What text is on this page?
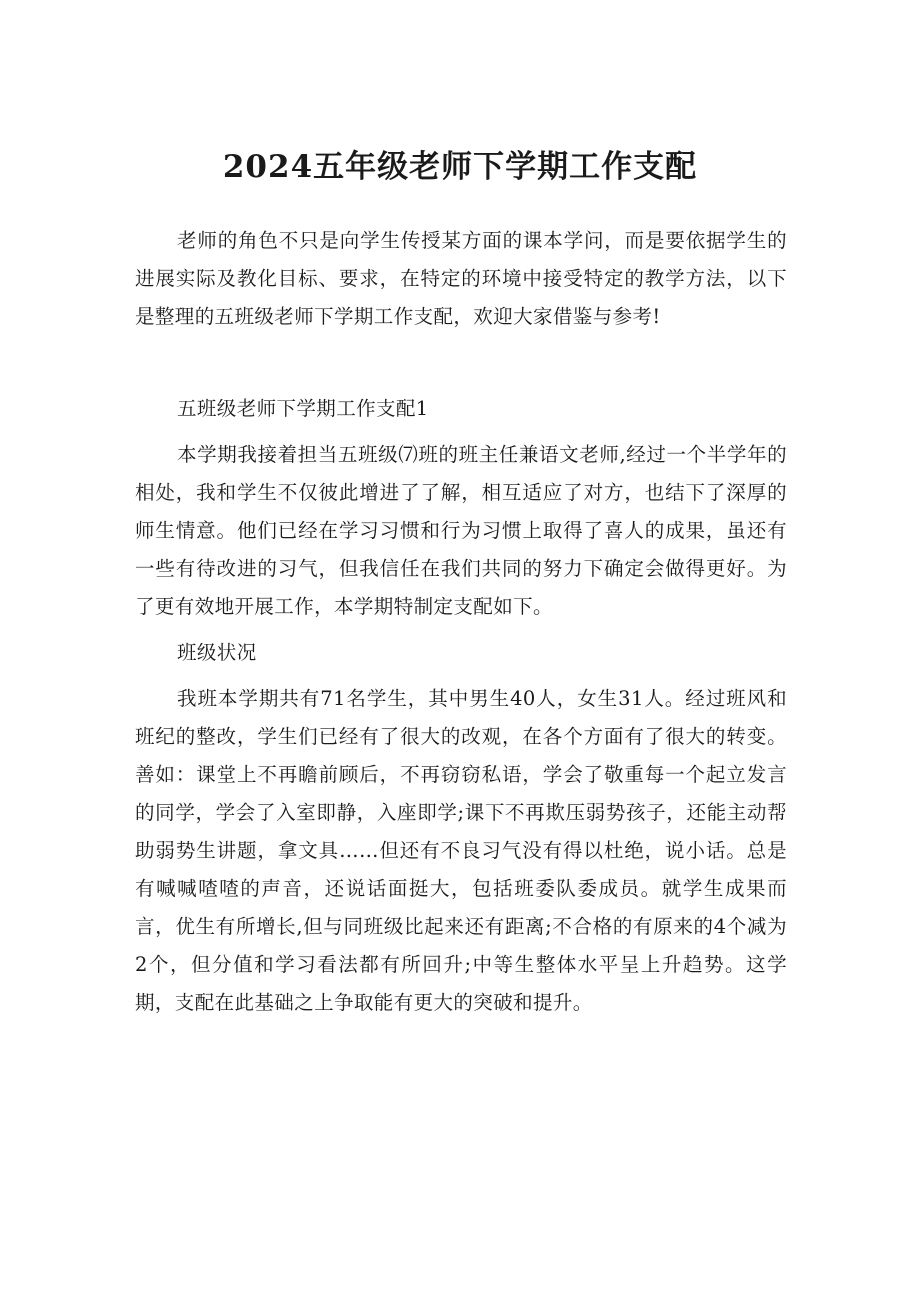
2024五年级老师下学期工作支配

老师的角色不只是向学生传授某方面的课本学问，而是要依据学生的进展实际及教化目标、要求，在特定的环境中接受特定的教学方法，以下是整理的五班级老师下学期工作支配，欢迎大家借鉴与参考!

五班级老师下学期工作支配1

本学期我接着担当五班级⑺班的班主任兼语文老师,经过一个半学年的相处，我和学生不仅彼此增进了了解，相互适应了对方，也结下了深厚的师生情意。他们已经在学习习惯和行为习惯上取得了喜人的成果，虽还有一些有待改进的习气，但我信任在我们共同的努力下确定会做得更好。为了更有效地开展工作，本学期特制定支配如下。

班级状况

我班本学期共有71名学生，其中男生40人，女生31人。经过班风和班纪的整改，学生们已经有了很大的改观，在各个方面有了很大的转变。善如：课堂上不再瞻前顾后，不再窃窃私语，学会了敬重每一个起立发言的同学，学会了入室即静，入座即学;课下不再欺压弱势孩子，还能主动帮助弱势生讲题，拿文具……但还有不良习气没有得以杜绝，说小话。总是有喊喊喳喳的声音，还说话面挺大，包括班委队委成员。就学生成果而言，优生有所增长,但与同班级比起来还有距离;不合格的有原来的4个减为2个，但分值和学习看法都有所回升;中等生整体水平呈上升趋势。这学期，支配在此基础之上争取能有更大的突破和提升。
